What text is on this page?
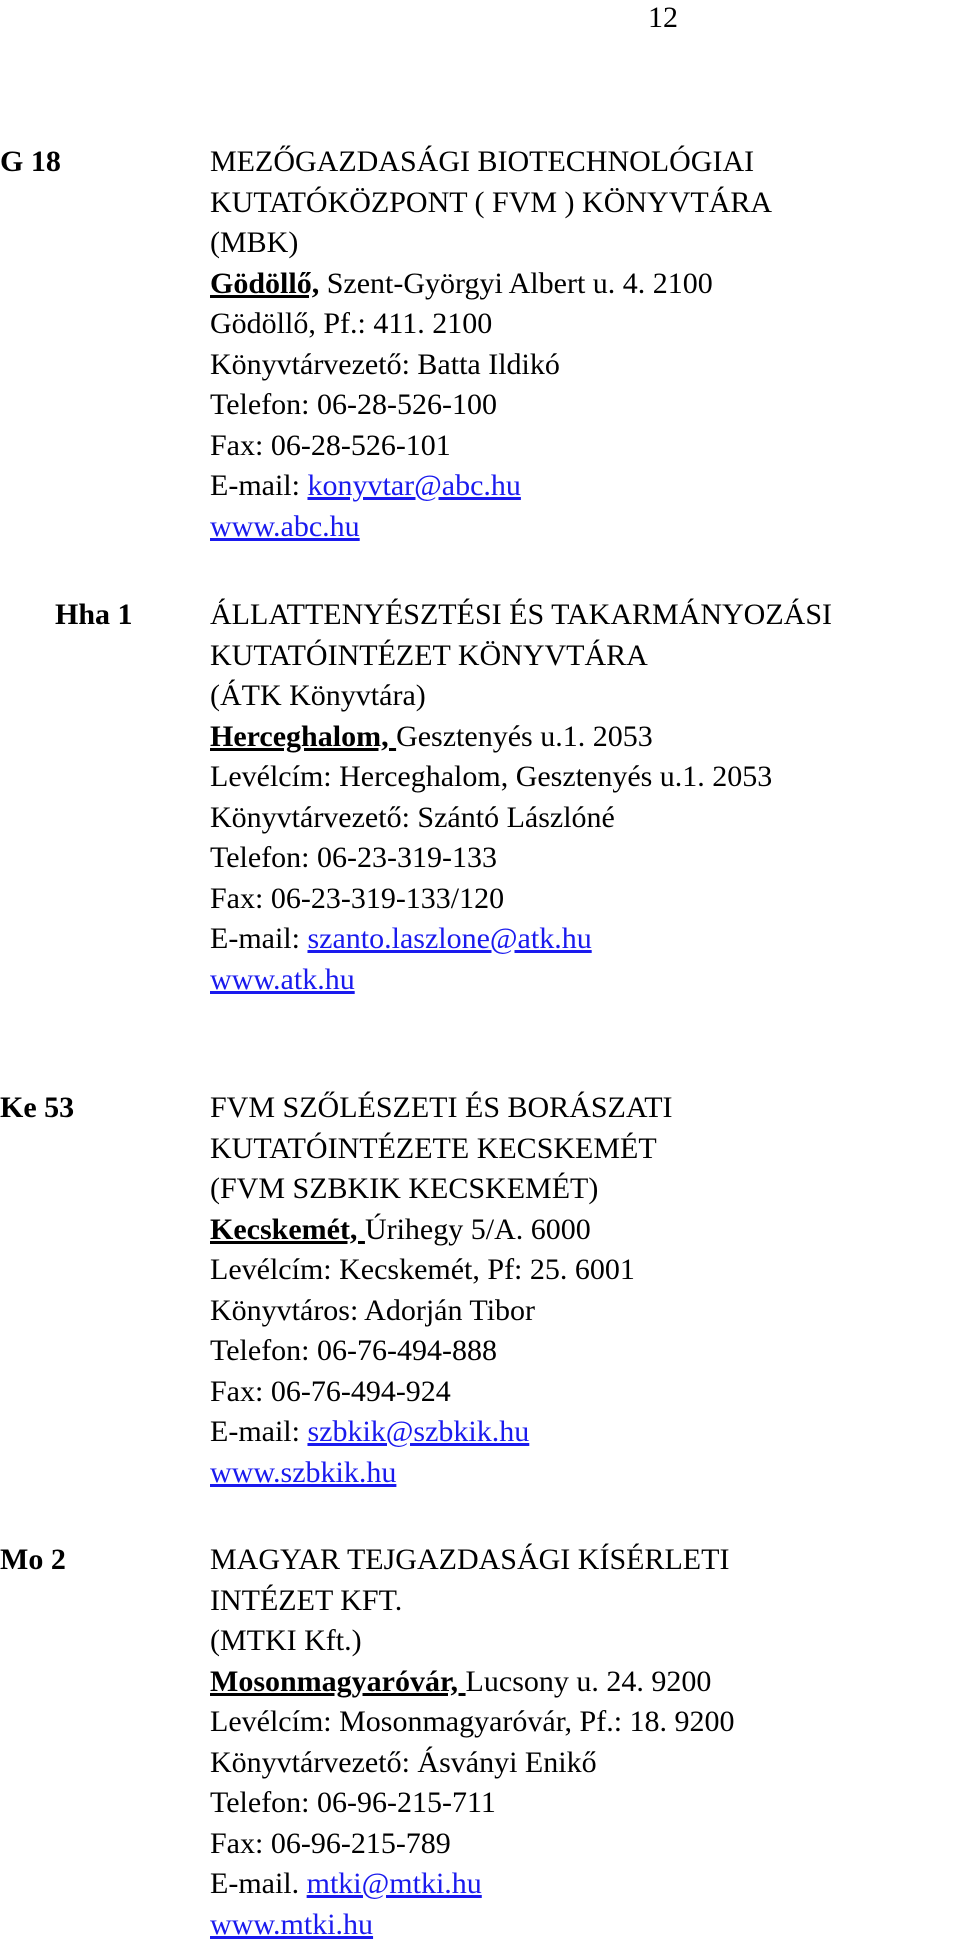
12
G 18	MEZŐGAZDASÁGI BIOTECHNOLÓGIAI
KUTATÓKÖZPONT ( FVM ) KÖNYVTÁRA
(MBK)
Gödöllő, Szent-Györgyi Albert u. 4. 2100
Gödöllő, Pf.: 411. 2100
Könyvtárvezető: Batta Ildikó
Telefon: 06-28-526-100
Fax: 06-28-526-101
E-mail: konyvtar@abc.hu
www.abc.hu
Hha 1	ÁLLATTENYÉSZTÉSI ÉS TAKARMÁNYOZÁSI
KUTATÓINTÉZET KÖNYVTÁRA
(ÁTK Könyvtára)
Herceghalom, Gesztenyés u.1. 2053
Levélcím: Herceghalom, Gesztenyés u.1. 2053
Könyvtárvezető: Szántó Lászlóné
Telefon: 06-23-319-133
Fax: 06-23-319-133/120
E-mail: szanto.laszlone@atk.hu
www.atk.hu
Ke 53	FVM SZŐLÉSZETI ÉS BORÁSZATI
KUTATÓINTÉZETE KECSKEMÉT
(FVM SZBKIK KECSKEMÉT)
Kecskemét, Úrihegy 5/A. 6000
Levélcím: Kecskemét, Pf: 25. 6001
Könyvtáros: Adorján Tibor
Telefon: 06-76-494-888
Fax: 06-76-494-924
E-mail: szbkik@szbkik.hu
www.szbkik.hu
Mo 2	MAGYAR TEJGAZDASÁGI KÍSÉRLETI
INTÉZET KFT.
(MTKI Kft.)
Mosonmagyaróvár, Lucsony u. 24. 9200
Levélcím: Mosonmagyaróvár, Pf.: 18. 9200
Könyvtárvezető: Ásványi Enikő
Telefon: 06-96-215-711
Fax: 06-96-215-789
E-mail. mtki@mtki.hu
www.mtki.hu
